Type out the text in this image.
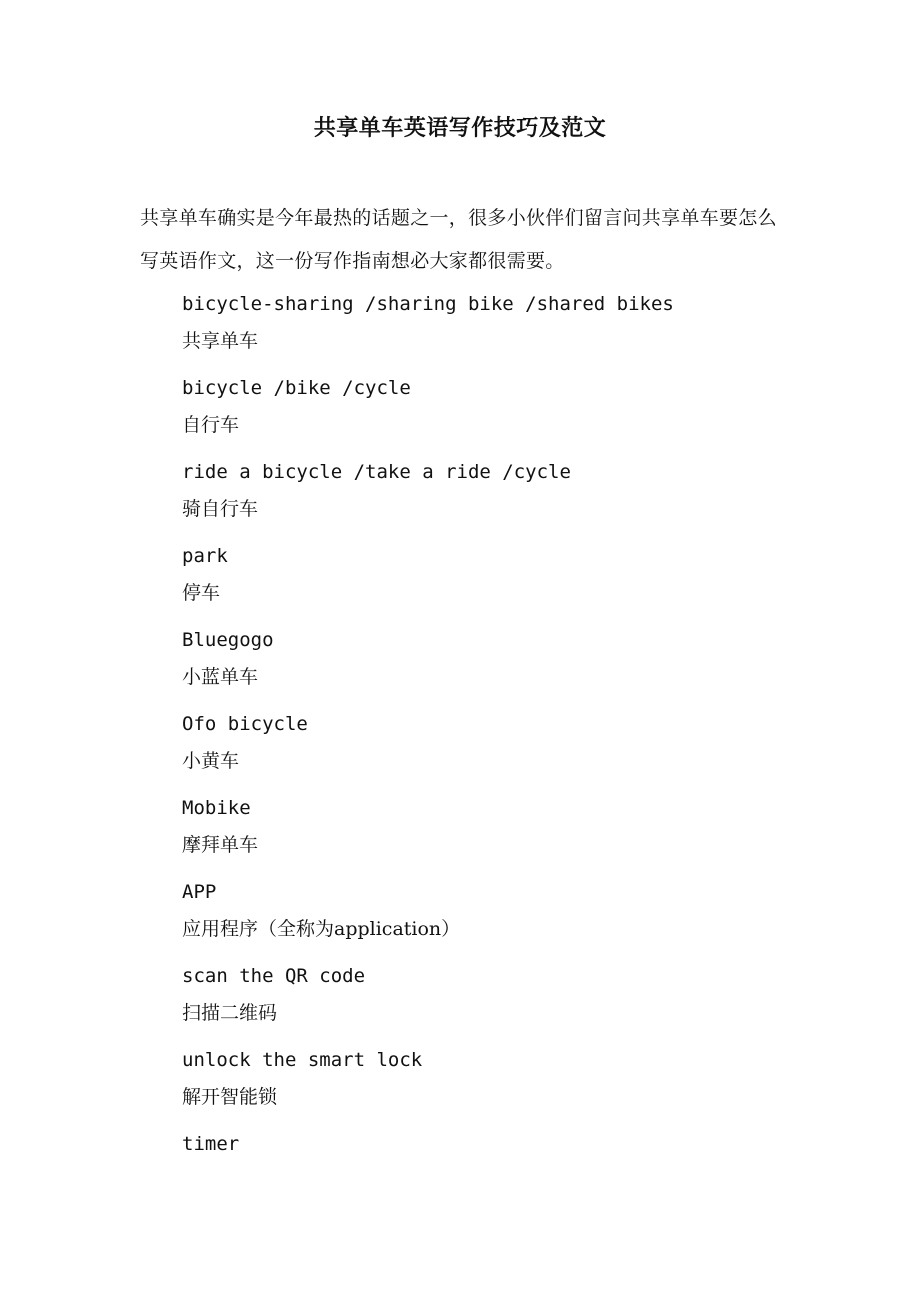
共享单车英语写作技巧及范文

共享单车确实是今年最热的话题之一，很多小伙伴们留言问共享单车要怎么写英语作文，这一份写作指南想必大家都很需要。

bicycle-sharing /sharing bike /shared bikes
共享单车
bicycle /bike /cycle
自行车
ride a bicycle /take a ride /cycle
骑自行车
park
停车
Bluegogo
小蓝单车
Ofo bicycle
小黄车
Mobike
摩拜单车
APP
应用程序（全称为application）
scan the QR code
扫描二维码
unlock the smart lock
解开智能锁
timer
